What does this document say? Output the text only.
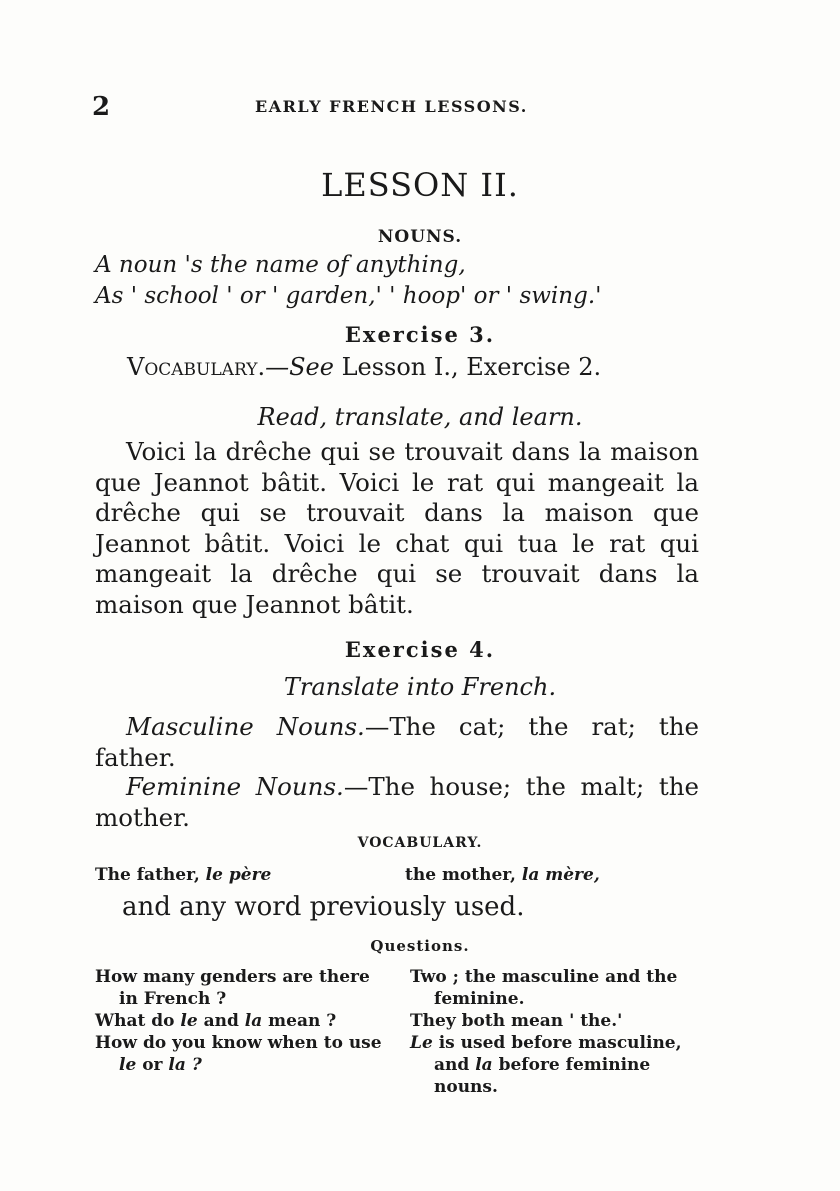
2	EARLY FRENCH LESSONS.
LESSON II.
NOUNS.
A noun 's the name of anything,
As ' school ' or ' garden,' ' hoop' or ' swing.'
Exercise 3.
Vocabulary.—See Lesson I., Exercise 2.
Read, translate, and learn.
Voici la drêche qui se trouvait dans la maison que Jeannot bâtit. Voici le rat qui mangeait la drêche qui se trouvait dans la maison que Jeannot bâtit. Voici le chat qui tua le rat qui mangeait la drêche qui se trouvait dans la maison que Jeannot bâtit.
Exercise 4.
Translate into French.
Masculine Nouns.—The cat; the rat; the father.
Feminine Nouns.—The house; the malt; the mother.
VOCABULARY.
The father, le père	the mother, la mère,
and any word previously used.
Questions.
How many genders are there in French ?
What do le and la mean ?
How do you know when to use le or la ?
Two ; the masculine and the feminine.
They both mean ' the.'
Le is used before masculine, and la before feminine nouns.
